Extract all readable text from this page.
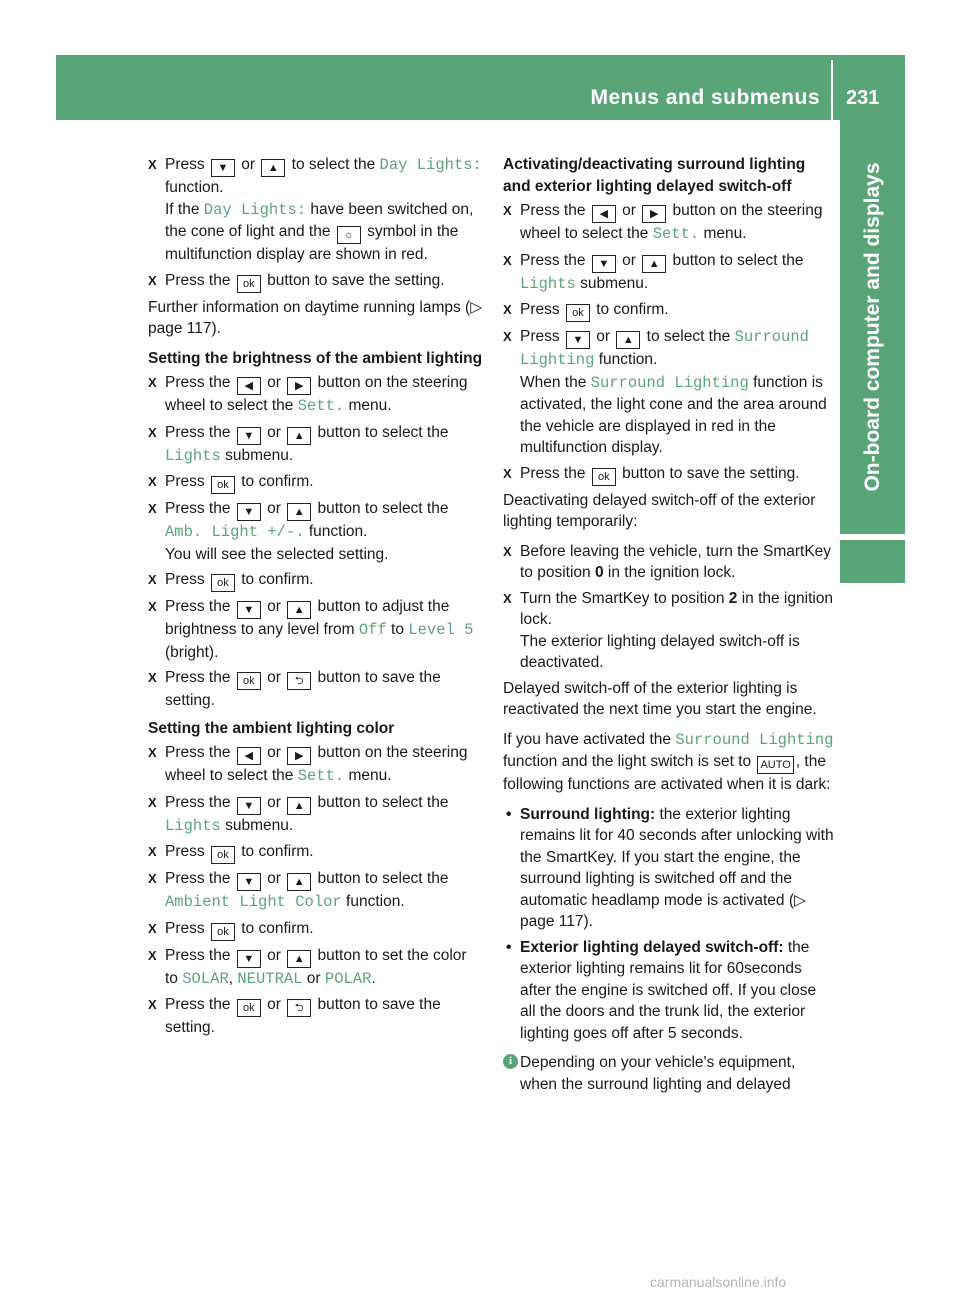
Menus and submenus 231
On-board computer and displays
X Press ▼ or ▲ to select the Day Lights: function.
If the Day Lights: have been switched on, the cone of light and the ☼ symbol in the multifunction display are shown in red.
X Press the ok button to save the setting.

Further information on daytime running lamps (▷ page 117).

Setting the brightness of the ambient lighting
X Press the ◀ or ▶ button on the steering wheel to select the Sett. menu.
X Press the ▼ or ▲ button to select the Lights submenu.
X Press ok to confirm.
X Press the ▼ or ▲ button to select the Amb. Light +/-. function.
You will see the selected setting.
X Press ok to confirm.
X Press the ▼ or ▲ button to adjust the brightness to any level from Off to Level 5 (bright).
X Press the ok or ⮌ button to save the setting.
Setting the ambient lighting color
X Press the ◀ or ▶ button on the steering wheel to select the Sett. menu.
X Press the ▼ or ▲ button to select the Lights submenu.
X Press ok to confirm.
X Press the ▼ or ▲ button to select the Ambient Light Color function.
X Press ok to confirm.
X Press the ▼ or ▲ button to set the color to SOLAR, NEUTRAL or POLAR.
X Press the ok or ⮌ button to save the setting.
Activating/deactivating surround lighting and exterior lighting delayed switch-off
X Press the ◀ or ▶ button on the steering wheel to select the Sett. menu.
X Press the ▼ or ▲ button to select the Lights submenu.
X Press ok to confirm.
X Press ▼ or ▲ to select the Surround Lighting function.
When the Surround Lighting function is activated, the light cone and the area around the vehicle are displayed in red in the multifunction display.
X Press the ok button to save the setting.

Deactivating delayed switch-off of the exterior lighting temporarily:

X Before leaving the vehicle, turn the SmartKey to position 0 in the ignition lock.
X Turn the SmartKey to position 2 in the ignition lock.
The exterior lighting delayed switch-off is deactivated.

Delayed switch-off of the exterior lighting is reactivated the next time you start the engine.

If you have activated the Surround Lighting function and the light switch is set to AUTO , the following functions are activated when it is dark:

• Surround lighting: the exterior lighting remains lit for 40 seconds after unlocking with the SmartKey. If you start the engine, the surround lighting is switched off and the automatic headlamp mode is activated (▷ page 117).
• Exterior lighting delayed switch-off: the exterior lighting remains lit for 60seconds after the engine is switched off. If you close all the doors and the trunk lid, the exterior lighting goes off after 5 seconds.
i Depending on your vehicle's equipment, when the surround lighting and delayed
carmanualsonline.info
